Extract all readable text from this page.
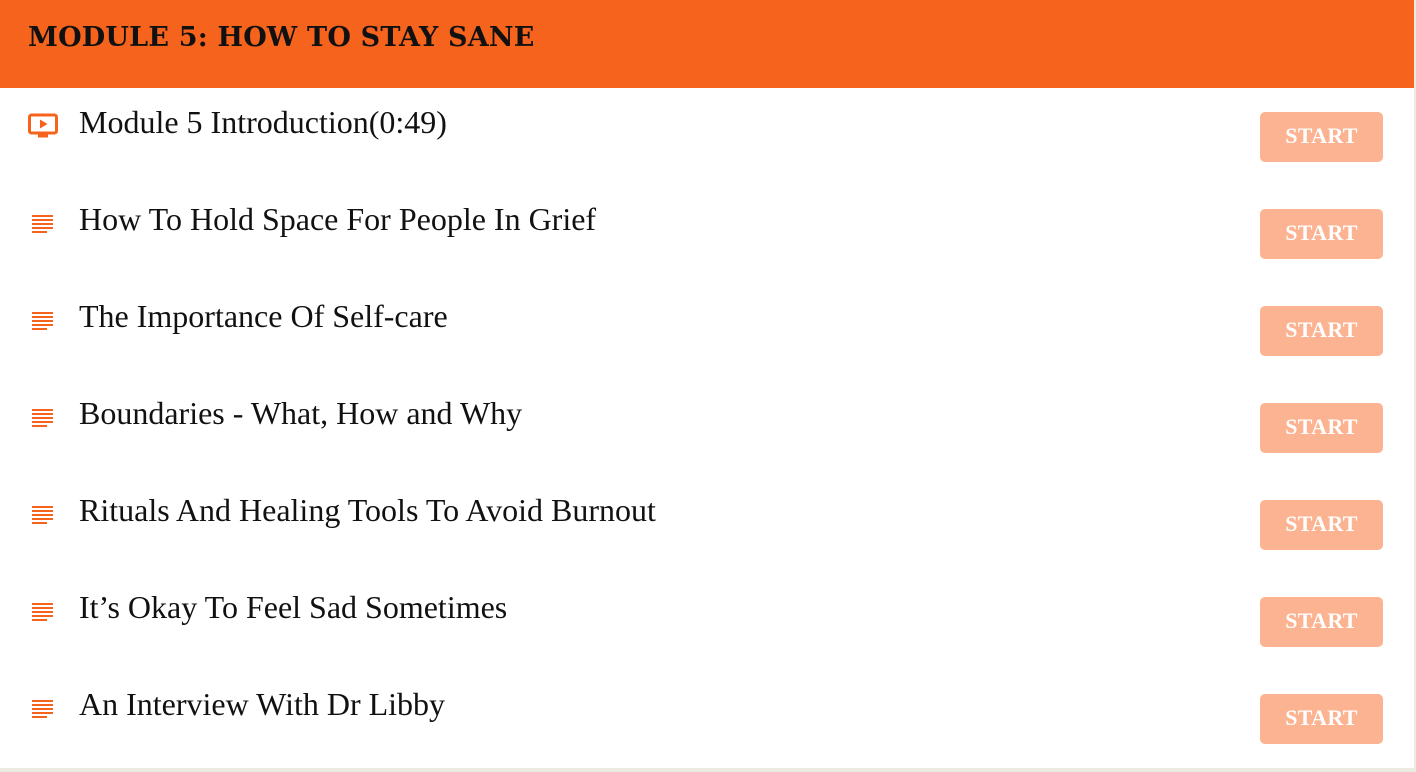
MODULE 5: HOW TO STAY SANE
Module 5 Introduction(0:49)	START
How To Hold Space For People In Grief	START
The Importance Of Self-care	START
Boundaries - What, How and Why	START
Rituals And Healing Tools To Avoid Burnout	START
It’s Okay To Feel Sad Sometimes	START
An Interview With Dr Libby	START
